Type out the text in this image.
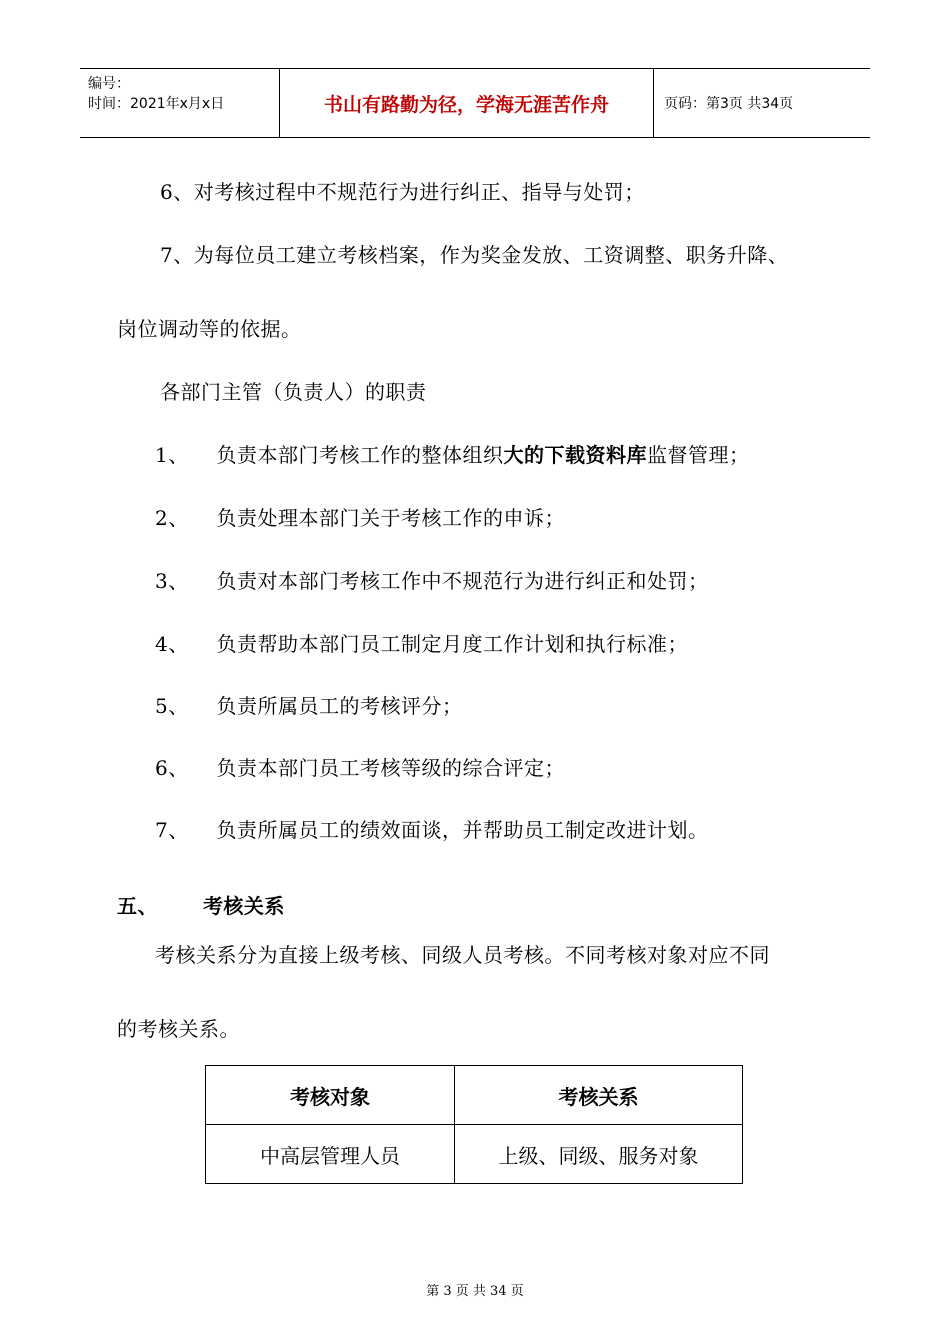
编号：
时间：2021年x月x日	书山有路勤为径，学海无涯苦作舟	页码：第3页 共34页
6、对考核过程中不规范行为进行纠正、指导与处罚；
7、为每位员工建立考核档案，作为奖金发放、工资调整、职务升降、
岗位调动等的依据。
各部门主管（负责人）的职责
1、 负责本部门考核工作的整体组织大的下载资料库监督管理；
2、 负责处理本部门关于考核工作的申诉；
3、 负责对本部门考核工作中不规范行为进行纠正和处罚；
4、 负责帮助本部门员工制定月度工作计划和执行标准；
5、 负责所属员工的考核评分；
6、 负责本部门员工考核等级的综合评定；
7、 负责所属员工的绩效面谈，并帮助员工制定改进计划。
五、 考核关系
考核关系分为直接上级考核、同级人员考核。不同考核对象对应不同
的考核关系。
考核对象	考核关系
中高层管理人员	上级、同级、服务对象
第 3 页 共 34 页
